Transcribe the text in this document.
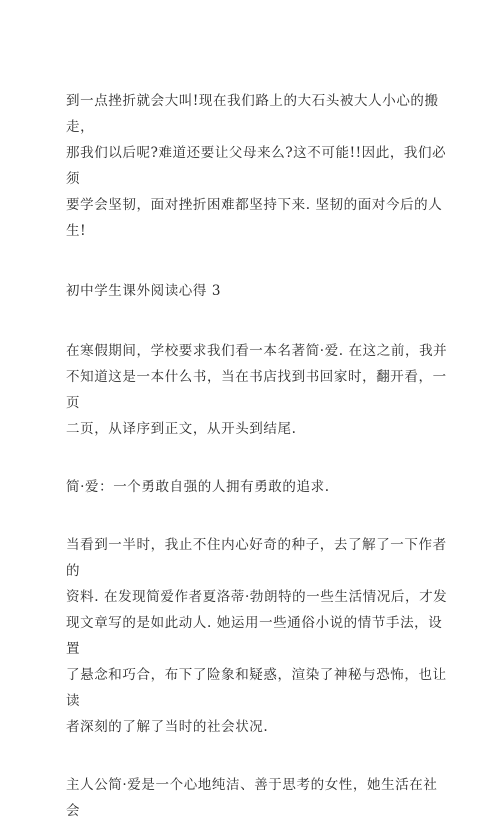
到一点挫折就会大叫!现在我们路上的大石头被大人小心的搬走，
那我们以后呢?难道还要让父母来么?这不可能!!因此，我们必须
要学会坚韧，面对挫折困难都坚持下来. 坚韧的面对今后的人
生!

初中学生课外阅读心得 3

在寒假期间，学校要求我们看一本名著简·爱. 在这之前，我并
不知道这是一本什么书，当在书店找到书回家时，翻开看，一页
二页，从译序到正文，从开头到结尾.

简·爱：一个勇敢自强的人拥有勇敢的追求.

当看到一半时，我止不住内心好奇的种子，去了解了一下作者的
资料. 在发现简爱作者夏洛蒂·勃朗特的一些生活情况后，才发
现文章写的是如此动人. 她运用一些通俗小说的情节手法，设置
了悬念和巧合，布下了险象和疑惑，渲染了神秘与恐怖，也让读
者深刻的了解了当时的社会状况.

主人公简·爱是一个心地纯洁、善于思考的女性，她生活在社会
